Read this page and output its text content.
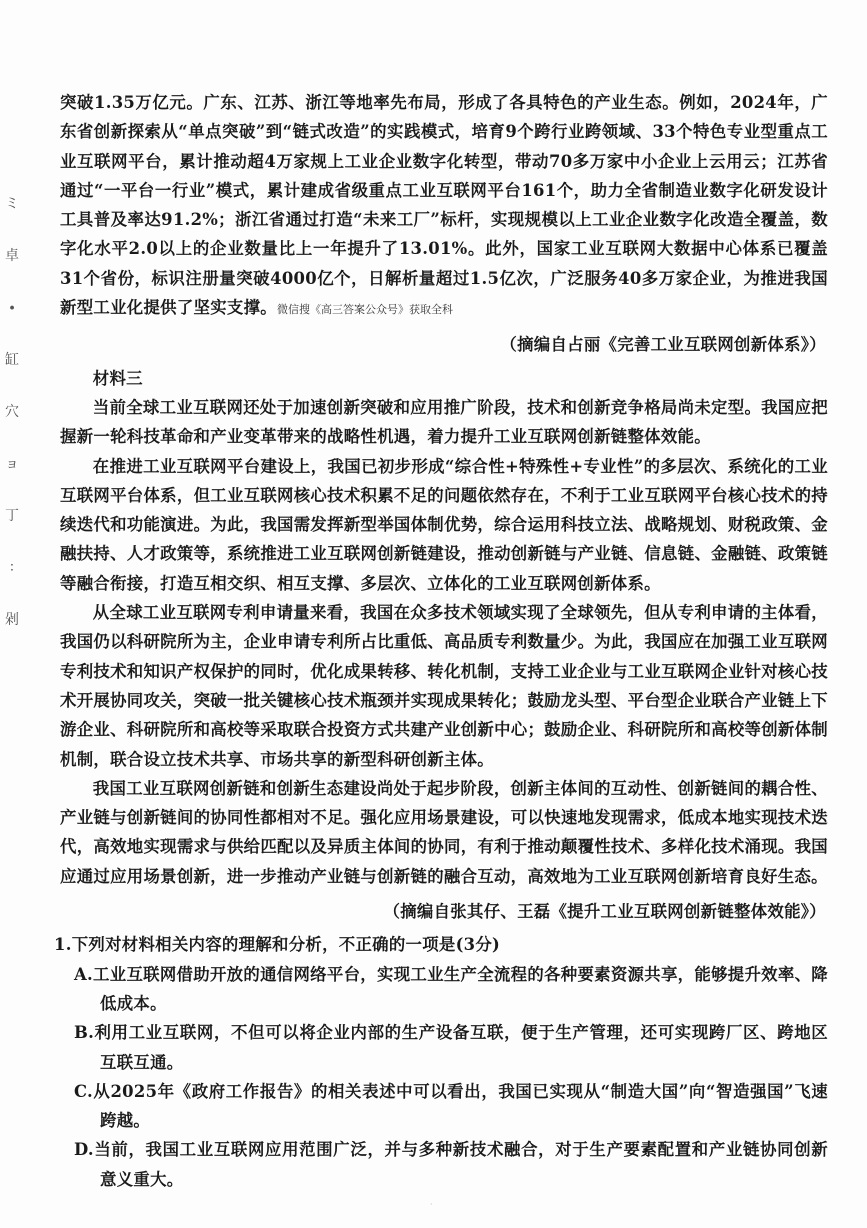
ミ
卓
∙缸
穴
ョ
丁
∶
剁

突破1.35万亿元。广东、江苏、浙江等地率先布局，形成了各具特色的产业生态。例如，2024年，广东省创新探索从“单点突破”到“链式改造”的实践模式，培育9个跨行业跨领域、33个特色专业型重点工业互联网平台，累计推动超4万家规上工业企业数字化转型，带动70多万家中小企业上云用云；江苏省通过“一平台一行业”模式，累计建成省级重点工业互联网平台161个，助力全省制造业数字化研发设计工具普及率达91.2%；浙江省通过打造“未来工厂”标杆，实现规模以上工业企业数字化改造全覆盖，数字化水平2.0以上的企业数量比上一年提升了13.01%。此外，国家工业互联网大数据中心体系已覆盖31个省份，标识注册量突破4000亿个，日解析量超过1.5亿次，广泛服务40多万家企业，为推进我国新型工业化提供了坚实支撑。微信搜《高三答案公众号》获取全科

（摘编自占丽《完善工业互联网创新体系》）

材料三

当前全球工业互联网还处于加速创新突破和应用推广阶段，技术和创新竞争格局尚未定型。我国应把握新一轮科技革命和产业变革带来的战略性机遇，着力提升工业互联网创新链整体效能。

在推进工业互联网平台建设上，我国已初步形成“综合性+特殊性+专业性”的多层次、系统化的工业互联网平台体系，但工业互联网核心技术积累不足的问题依然存在，不利于工业互联网平台核心技术的持续迭代和功能演进。为此，我国需发挥新型举国体制优势，综合运用科技立法、战略规划、财税政策、金融扶持、人才政策等，系统推进工业互联网创新链建设，推动创新链与产业链、信息链、金融链、政策链等融合衔接，打造互相交织、相互支撑、多层次、立体化的工业互联网创新体系。

从全球工业互联网专利申请量来看，我国在众多技术领域实现了全球领先，但从专利申请的主体看，我国仍以科研院所为主，企业申请专利所占比重低、高品质专利数量少。为此，我国应在加强工业互联网专利技术和知识产权保护的同时，优化成果转移、转化机制，支持工业企业与工业互联网企业针对核心技术开展协同攻关，突破一批关键核心技术瓶颈并实现成果转化；鼓励龙头型、平台型企业联合产业链上下游企业、科研院所和高校等采取联合投资方式共建产业创新中心；鼓励企业、科研院所和高校等创新体制机制，联合设立技术共享、市场共享的新型科研创新主体。

我国工业互联网创新链和创新生态建设尚处于起步阶段，创新主体间的互动性、创新链间的耦合性、产业链与创新链间的协同性都相对不足。强化应用场景建设，可以快速地发现需求，低成本地实现技术迭代，高效地实现需求与供给匹配以及异质主体间的协同，有利于推动颠覆性技术、多样化技术涌现。我国应通过应用场景创新，进一步推动产业链与创新链的融合互动，高效地为工业互联网创新培育良好生态。

（摘编自张其仔、王磊《提升工业互联网创新链整体效能》）

1.下列对材料相关内容的理解和分析，不正确的一项是(3分)

A.工业互联网借助开放的通信网络平台，实现工业生产全流程的各种要素资源共享，能够提升效率、降低成本。

B.利用工业互联网，不但可以将企业内部的生产设备互联，便于生产管理，还可实现跨厂区、跨地区互联互通。

C.从2025年《政府工作报告》的相关表述中可以看出，我国已实现从“制造大国”向“智造强国”飞速跨越。

D.当前，我国工业互联网应用范围广泛，并与多种新技术融合，对于生产要素配置和产业链协同创新意义重大。

·
